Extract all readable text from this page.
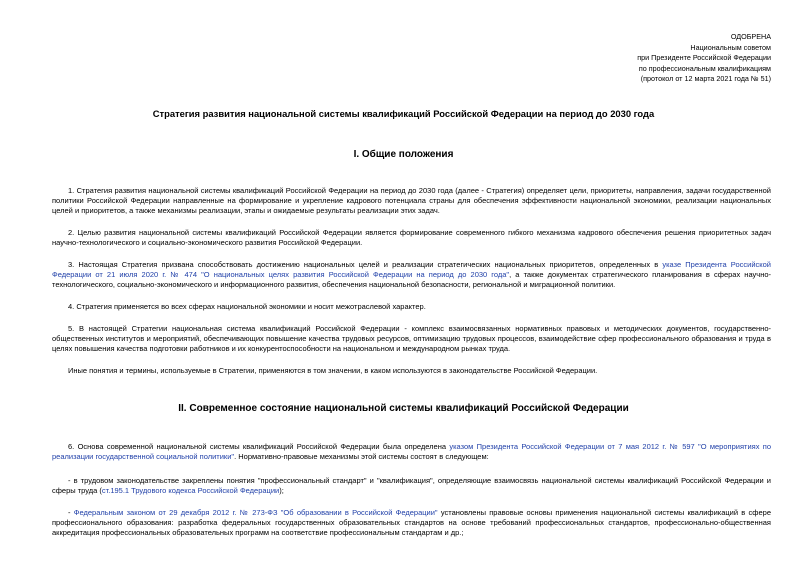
ОДОБРЕНА
Национальным советом
при Президенте Российской Федерации
по профессиональным квалификациям
(протокол от 12 марта 2021 года № 51)
Стратегия развития национальной системы квалификаций Российской Федерации на период до 2030 года
I. Общие положения
1. Стратегия развития национальной системы квалификаций Российской Федерации на период до 2030 года (далее - Стратегия) определяет цели, приоритеты, направления, задачи государственной политики Российской Федерации направленные на формирование и укрепление кадрового потенциала страны для обеспечения эффективности национальной экономики, реализации национальных целей и приоритетов, а также механизмы реализации, этапы и ожидаемые результаты реализации этих задач.
2. Целью развития национальной системы квалификаций Российской Федерации является формирование современного гибкого механизма кадрового обеспечения решения приоритетных задач научно-технологического и социально-экономического развития Российской Федерации.
3. Настоящая Стратегия призвана способствовать достижению национальных целей и реализации стратегических национальных приоритетов, определенных в указе Президента Российской Федерации от 21 июля 2020 г. № 474 "О национальных целях развития Российской Федерации на период до 2030 года", а также документах стратегического планирования в сферах научно-технологического, социально-экономического и информационного развития, обеспечения национальной безопасности, региональной и миграционной политики.
4. Стратегия применяется во всех сферах национальной экономики и носит межотраслевой характер.
5. В настоящей Стратегии национальная система квалификаций Российской Федерации - комплекс взаимосвязанных нормативных правовых и методических документов, государственно-общественных институтов и мероприятий, обеспечивающих повышение качества трудовых ресурсов, оптимизацию трудовых процессов, взаимодействие сфер профессионального образования и труда в целях повышения качества подготовки работников и их конкурентоспособности на национальном и международном рынках труда.
Иные понятия и термины, используемые в Стратегии, применяются в том значении, в каком используются в законодательстве Российской Федерации.
II. Современное состояние национальной системы квалификаций Российской Федерации
6. Основа современной национальной системы квалификаций Российской Федерации была определена указом Президента Российской Федерации от 7 мая 2012 г. № 597 "О мероприятиях по реализации государственной социальной политики". Нормативно-правовые механизмы этой системы состоят в следующем:
- в трудовом законодательстве закреплены понятия "профессиональный стандарт" и "квалификация", определяющие взаимосвязь национальной системы квалификаций Российской Федерации и сферы труда (ст.195.1 Трудового кодекса Российской Федерации);
- Федеральным законом от 29 декабря 2012 г. № 273-ФЗ "Об образовании в Российской Федерации" установлены правовые основы применения национальной системы квалификаций в сфере профессионального образования: разработка федеральных государственных образовательных стандартов на основе требований профессиональных стандартов, профессионально-общественная аккредитация профессиональных образовательных программ на соответствие профессиональным стандартам и др.;
